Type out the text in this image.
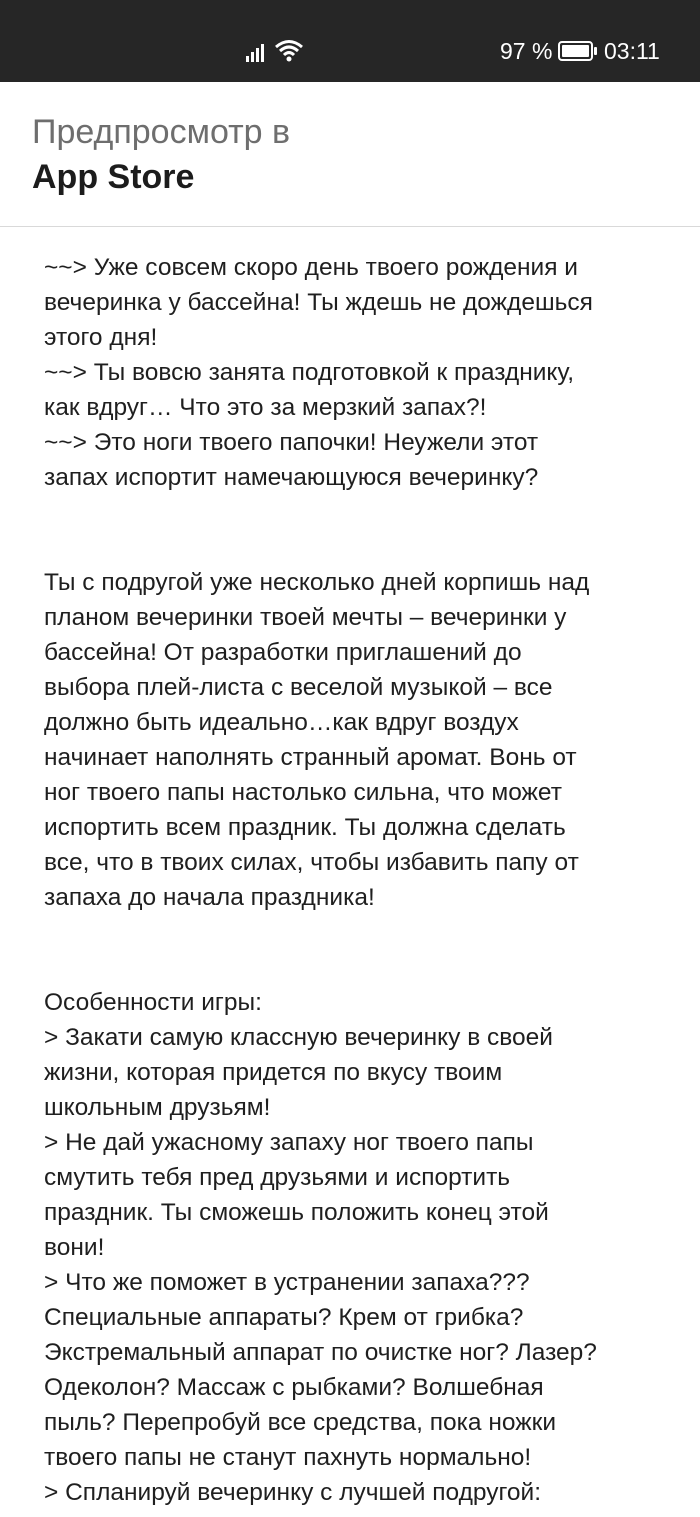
97 % 03:11
Предпросмотр в
App Store
~~> Уже совсем скоро день твоего рождения и
вечеринка у бассейна! Ты ждешь не дождешься
этого дня!
~~> Ты вовсю занята подготовкой к празднику,
как вдруг… Что это за мерзкий запах?!
~~> Это ноги твоего папочки! Неужели этот
запах испортит намечающуюся вечеринку?
Ты с подругой уже несколько дней корпишь над
планом вечеринки твоей мечты – вечеринки у
бассейна! От разработки приглашений до
выбора плей-листа с веселой музыкой – все
должно быть идеально…как вдруг воздух
начинает наполнять странный аромат. Вонь от
ног твоего папы настолько сильна, что может
испортить всем праздник. Ты должна сделать
все, что в твоих силах, чтобы избавить папу от
запаха до начала праздника!
Особенности игры:
> Закати самую классную вечеринку в своей
жизни, которая придется по вкусу твоим
школьным друзьям!
> Не дай ужасному запаху ног твоего папы
смутить тебя пред друзьями и испортить
праздник. Ты сможешь положить конец этой
вони!
> Что же поможет в устранении запаха???
Специальные аппараты? Крем от грибка?
Экстремальный аппарат по очистке ног? Лазер?
Одеколон? Массаж с рыбками? Волшебная
пыль? Перепробуй все средства, пока ножки
твоего папы не станут пахнуть нормально!
> Спланируй вечеринку с лучшей подругой:
